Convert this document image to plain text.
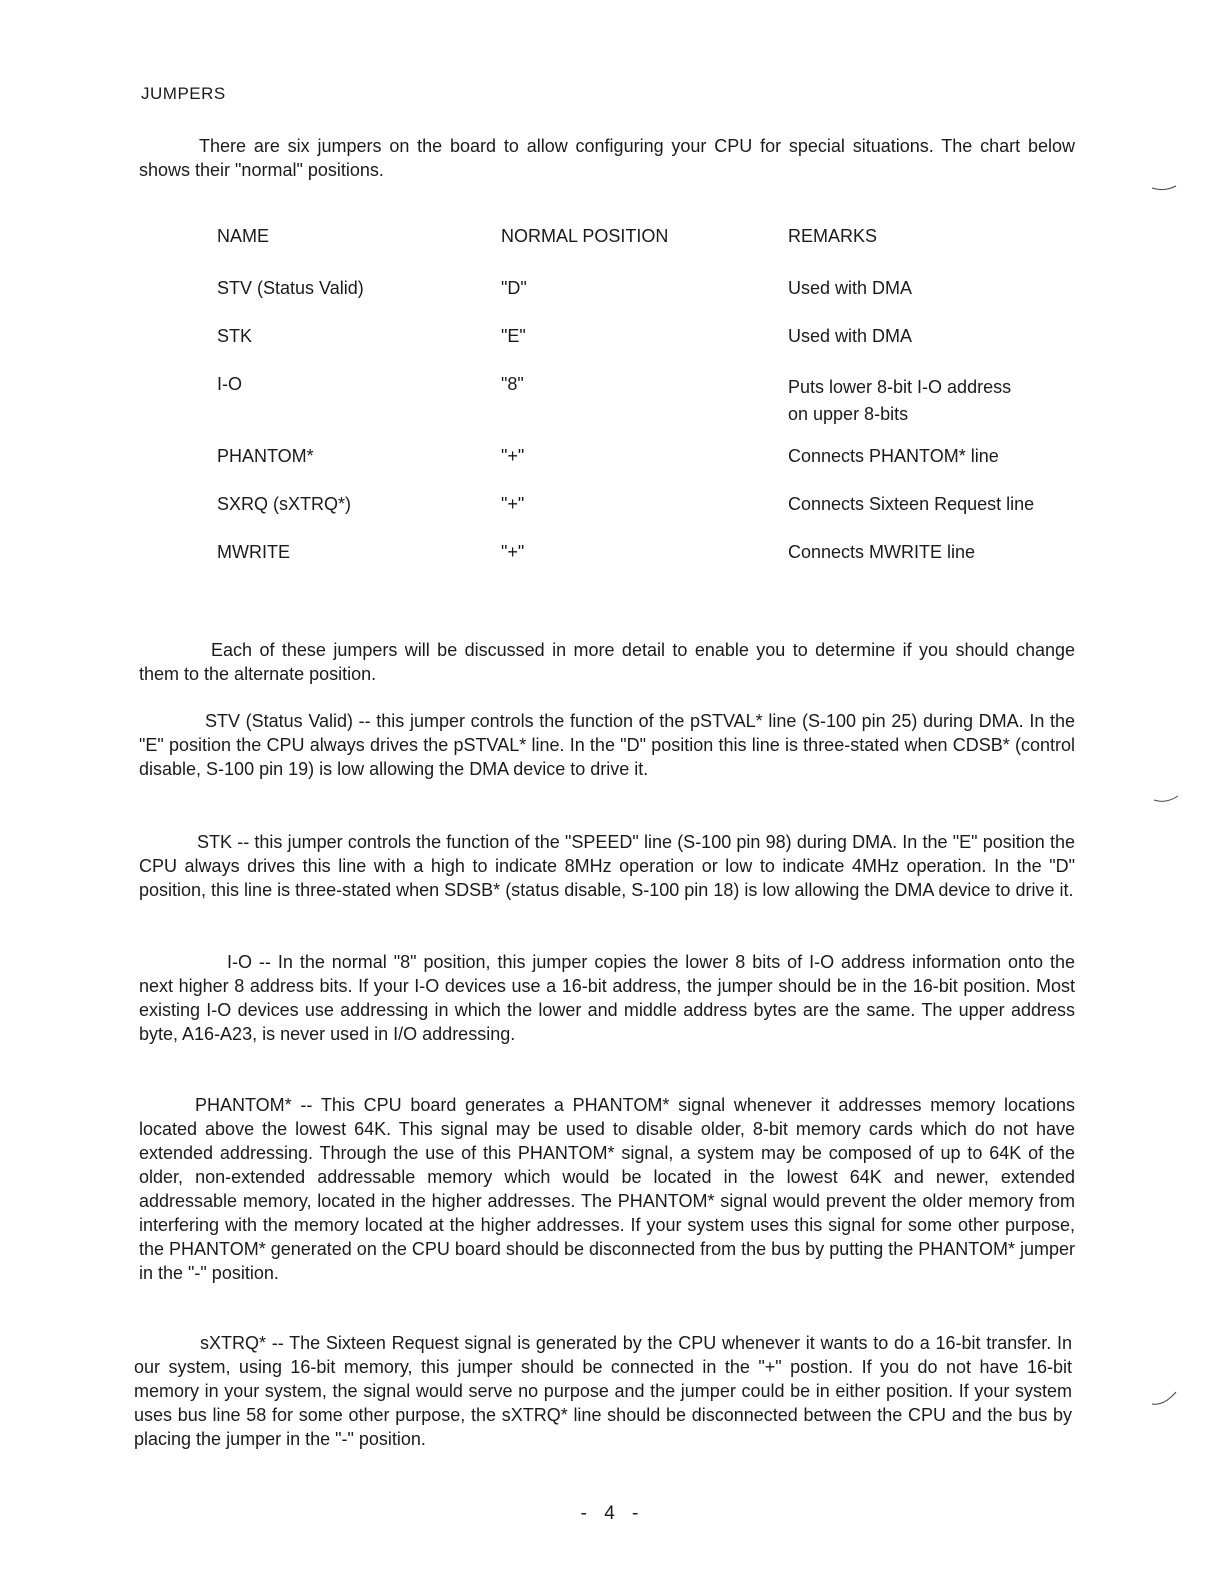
JUMPERS

There are six jumpers on the board to allow configuring your CPU for special situations. The chart below shows their "normal" positions.

NAME	NORMAL POSITION	REMARKS
STV (Status Valid)	"D"	Used with DMA
STK	"E"	Used with DMA
I-O	"8"	Puts lower 8-bit I-O address on upper 8-bits
PHANTOM*	"+"	Connects PHANTOM* line
SXRQ (sXTRQ*)	"+"	Connects Sixteen Request line
MWRITE	"+"	Connects MWRITE line

Each of these jumpers will be discussed in more detail to enable you to determine if you should change them to the alternate position.

STV (Status Valid) -- this jumper controls the function of the pSTVAL* line (S-100 pin 25) during DMA. In the "E" position the CPU always drives the pSTVAL* line. In the "D" position this line is three-stated when CDSB* (control disable, S-100 pin 19) is low allowing the DMA device to drive it.

STK -- this jumper controls the function of the "SPEED" line (S-100 pin 98) during DMA. In the "E" position the CPU always drives this line with a high to indicate 8MHz operation or low to indicate 4MHz operation. In the "D" position, this line is three-stated when SDSB* (status disable, S-100 pin 18) is low allowing the DMA device to drive it.

I-O -- In the normal "8" position, this jumper copies the lower 8 bits of I-O address information onto the next higher 8 address bits. If your I-O devices use a 16-bit address, the jumper should be in the 16-bit position. Most existing I-O devices use addressing in which the lower and middle address bytes are the same. The upper address byte, A16-A23, is never used in I/O addressing.

PHANTOM* -- This CPU board generates a PHANTOM* signal whenever it addresses memory locations located above the lowest 64K. This signal may be used to disable older, 8-bit memory cards which do not have extended addressing. Through the use of this PHANTOM* signal, a system may be composed of up to 64K of the older, non-extended addressable memory which would be located in the lowest 64K and newer, extended addressable memory, located in the higher addresses. The PHANTOM* signal would prevent the older memory from interfering with the memory located at the higher addresses. If your system uses this signal for some other purpose, the PHANTOM* generated on the CPU board should be disconnected from the bus by putting the PHANTOM* jumper in the "-" position.

sXTRQ* -- The Sixteen Request signal is generated by the CPU whenever it wants to do a 16-bit transfer. In our system, using 16-bit memory, this jumper should be connected in the "+" postion. If you do not have 16-bit memory in your system, the signal would serve no purpose and the jumper could be in either position. If your system uses bus line 58 for some other purpose, the sXTRQ* line should be disconnected between the CPU and the bus by placing the jumper in the "-" position.

- 4 -
